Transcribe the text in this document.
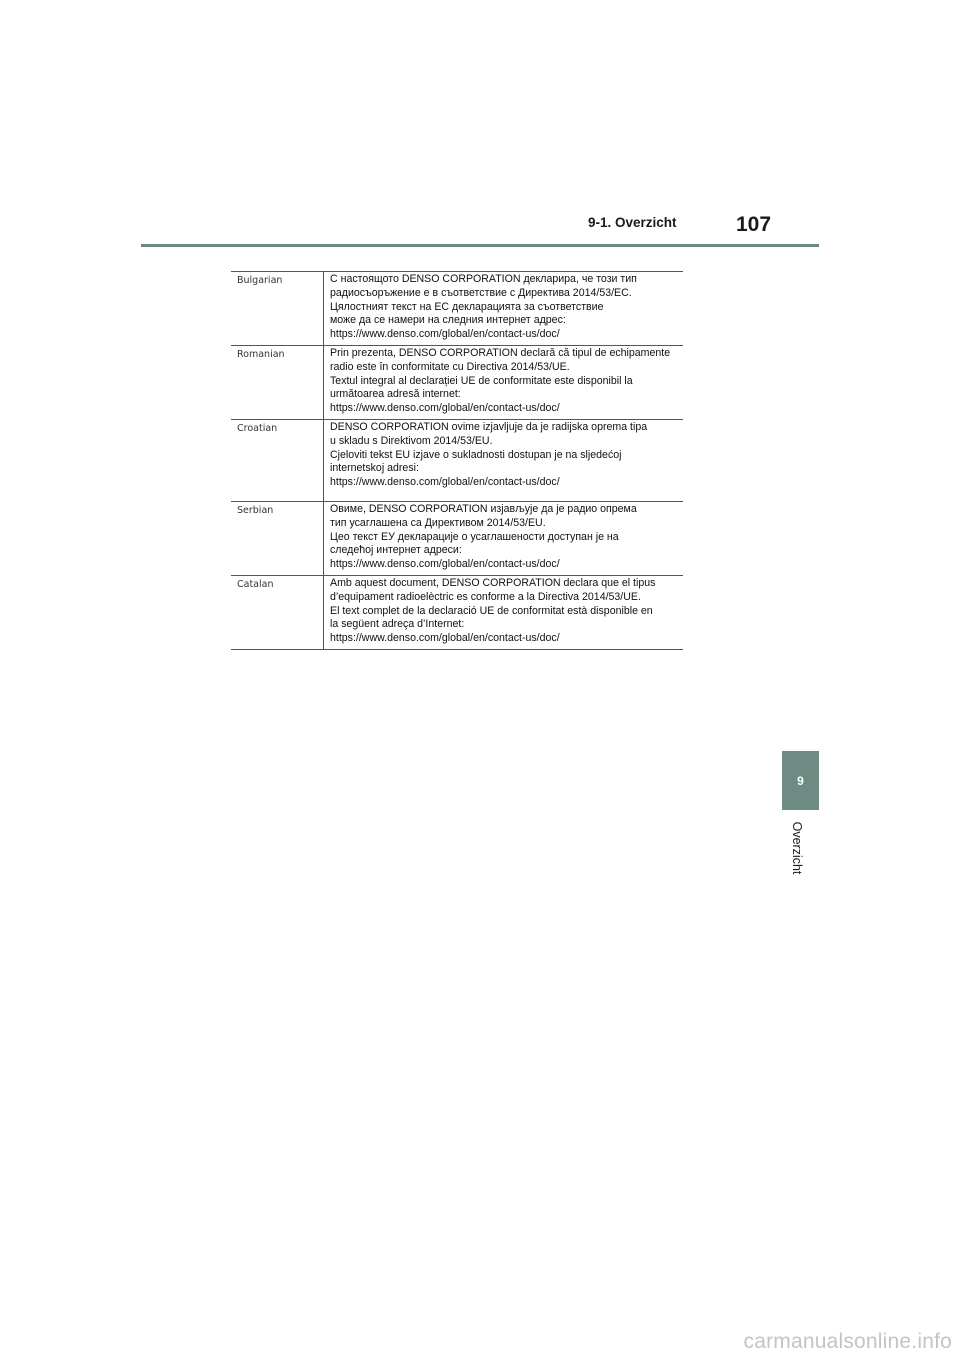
9-1. Overzicht	107
Bulgarian	С настоящото DENSO CORPORATION декларира, че този тип
радиосъоръжение е в съответствие с Директива 2014/53/ЕС.
Цялостният текст на ЕС декларацията за съответствие
може да се намери на следния интернет адрес:
https://www.denso.com/global/en/contact-us/doc/

Romanian	Prin prezenta, DENSO CORPORATION declară că tipul de echipamente
radio este în conformitate cu Directiva 2014/53/UE.
Textul integral al declarației UE de conformitate este disponibil la
următoarea adresă internet:
https://www.denso.com/global/en/contact-us/doc/

Croatian	DENSO CORPORATION ovime izjavljuje da je radijska oprema tipa
u skladu s Direktivom 2014/53/EU.
Cjeloviti tekst EU izjave o sukladnosti dostupan je na sljedećoj
internetskoj adresi:
https://www.denso.com/global/en/contact-us/doc/

Serbian	Овиме, DENSO CORPORATION изјављује да је радио опрема
тип усаглашена са Директивом 2014/53/EU.
Цео текст ЕУ декларације о усаглашености доступан је на
следећој интернет адреси:
https://www.denso.com/global/en/contact-us/doc/

Catalan	Amb aquest document, DENSO CORPORATION declara que el tipus
d’equipament radioelèctric es conforme a la Directiva 2014/53/UE.
El text complet de la declaració UE de conformitat està disponible en
la següent adreça d’Internet:
https://www.denso.com/global/en/contact-us/doc/
9
Overzicht
carmanualsonline.info
